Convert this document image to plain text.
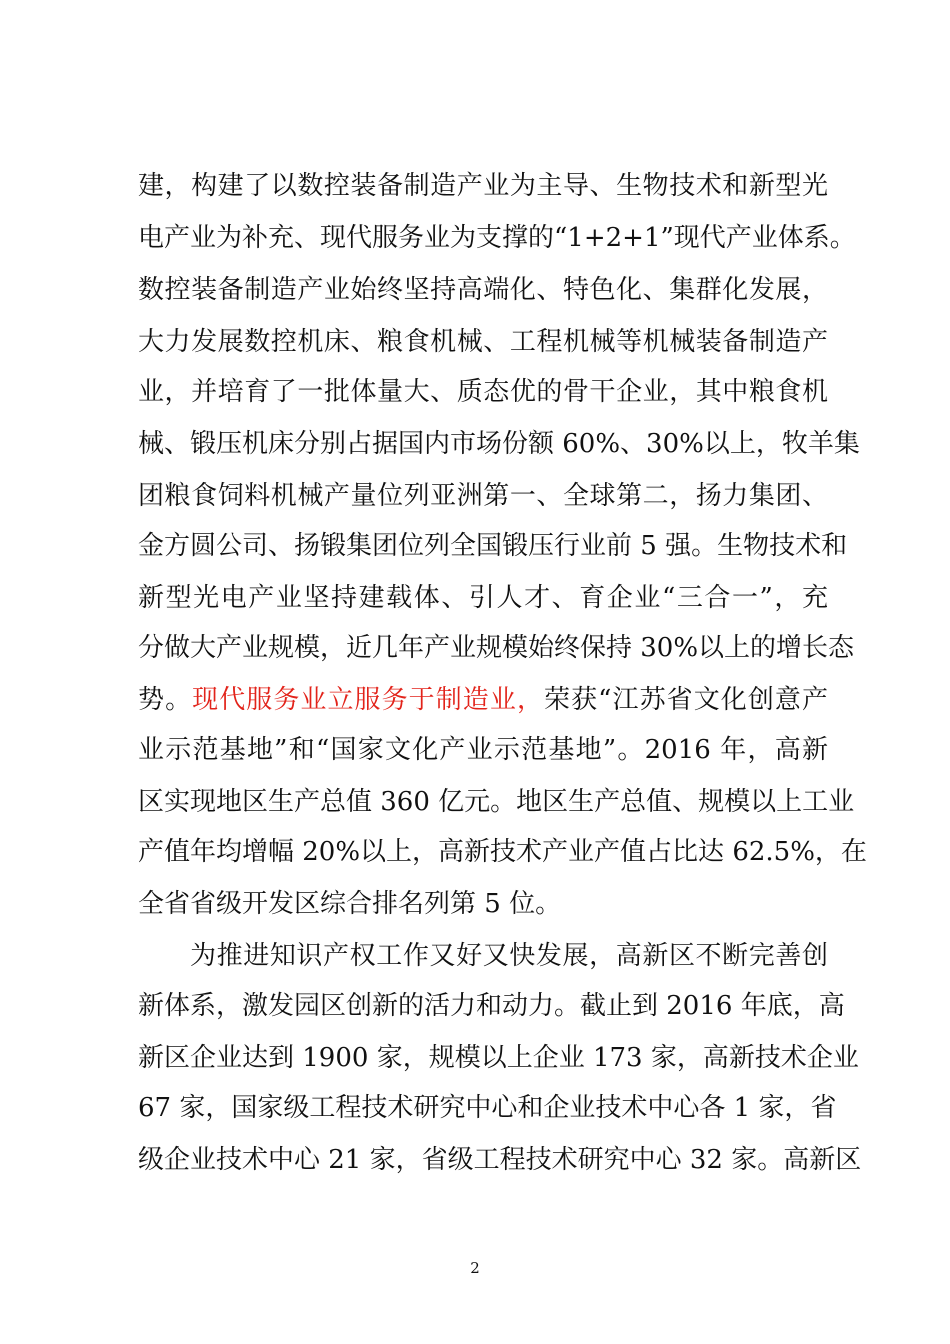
建，构建了以数控装备制造产业为主导、生物技术和新型光
电产业为补充、现代服务业为支撑的“1+2+1”现代产业体系。
数控装备制造产业始终坚持高端化、特色化、集群化发展，
大力发展数控机床、粮食机械、工程机械等机械装备制造产
业，并培育了一批体量大、质态优的骨干企业，其中粮食机
械、锻压机床分别占据国内市场份额 60%、30%以上，牧羊集
团粮食饲料机械产量位列亚洲第一、全球第二，扬力集团、
金方圆公司、扬锻集团位列全国锻压行业前 5 强。生物技术和
新型光电产业坚持建载体、引人才、育企业“三合一”，充
分做大产业规模，近几年产业规模始终保持 30%以上的增长态
势。现代服务业立服务于制造业，荣获“江苏省文化创意产
业示范基地”和“国家文化产业示范基地”。2016 年，高新
区实现地区生产总值 360 亿元。地区生产总值、规模以上工业
产值年均增幅 20%以上，高新技术产业产值占比达 62.5%，在
全省省级开发区综合排名列第 5 位。
为推进知识产权工作又好又快发展，高新区不断完善创
新体系，激发园区创新的活力和动力。截止到 2016 年底，高
新区企业达到 1900 家，规模以上企业 173 家，高新技术企业
67 家，国家级工程技术研究中心和企业技术中心各 1 家，省
级企业技术中心 21 家，省级工程技术研究中心 32 家。高新区
2
